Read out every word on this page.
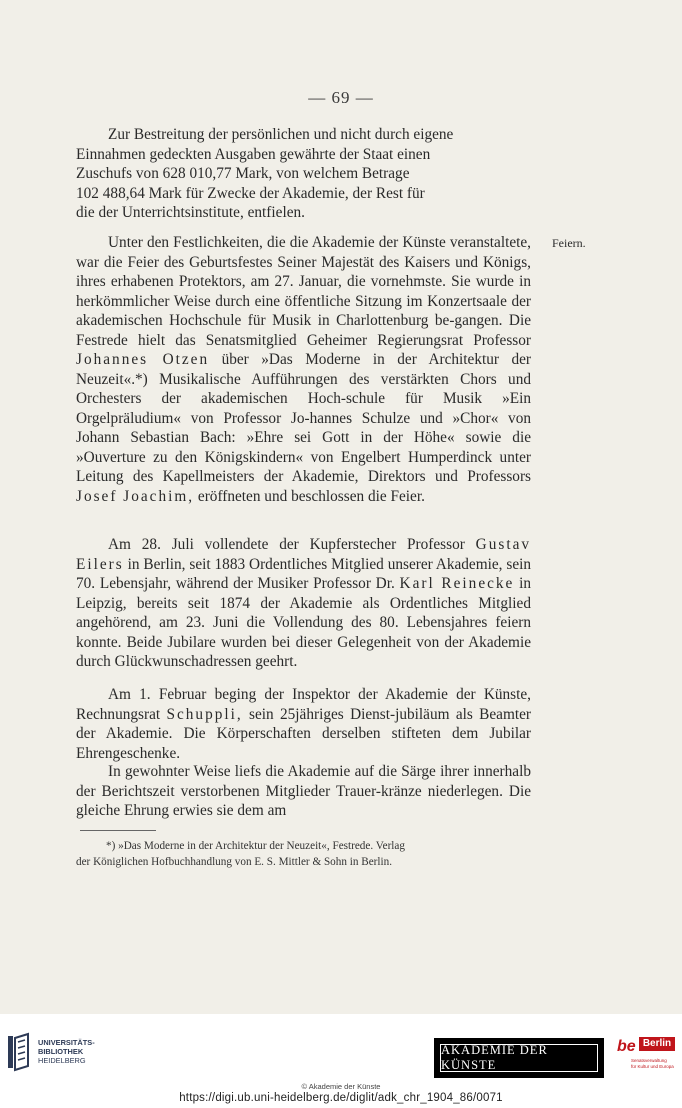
— 69 —
Feiern.

Zur Bestreitung der persönlichen und nicht durch eigene
Einnahmen gedeckten Ausgaben gewährte der Staat einen
Zuschufs von 628 010,77 Mark, von welchem Betrage
102 488,64 Mark für Zwecke der Akademie, der Rest für
die der Unterrichtsinstitute, entfielen.

Unter den Festlichkeiten, die die Akademie der Künste veranstaltete, war die Feier des Geburtsfestes Seiner Majestät des Kaisers und Königs, ihres erhabenen Protektors, am 27. Januar, die vornehmste. Sie wurde in herkömmlicher Weise durch eine öffentliche Sitzung im Konzertsaale der akademischen Hochschule für Musik in Charlottenburg be-gangen. Die Festrede hielt das Senatsmitglied Geheimer Regierungsrat Professor Johannes Otzen über »Das Moderne in der Architektur der Neuzeit«.*) Musikalische Aufführungen des verstärkten Chors und Orchesters der akademischen Hoch-schule für Musik »Ein Orgelpräludium« von Professor Jo-hannes Schulze und »Chor« von Johann Sebastian Bach: »Ehre sei Gott in der Höhe« sowie die »Ouverture zu den Königskindern« von Engelbert Humperdinck unter Leitung des Kapellmeisters der Akademie, Direktors und Professors Josef Joachim, eröffneten und beschlossen die Feier.

Am 28. Juli vollendete der Kupferstecher Professor Gustav Eilers in Berlin, seit 1883 Ordentliches Mitglied unserer Akademie, sein 70. Lebensjahr, während der Musiker Professor Dr. Karl Reinecke in Leipzig, bereits seit 1874 der Akademie als Ordentliches Mitglied angehörend, am 23. Juni die Vollendung des 80. Lebensjahres feiern konnte. Beide Jubilare wurden bei dieser Gelegenheit von der Akademie durch Glückwunschadressen geehrt.

Am 1. Februar beging der Inspektor der Akademie der Künste, Rechnungsrat Schuppli, sein 25jähriges Dienst-jubiläum als Beamter der Akademie. Die Körperschaften derselben stifteten dem Jubilar Ehrengeschenke.

In gewohnter Weise liefs die Akademie auf die Särge ihrer innerhalb der Berichtszeit verstorbenen Mitglieder Trauer-kränze niederlegen. Die gleiche Ehrung erwies sie dem am

*) »Das Moderne in der Architektur der Neuzeit«, Festrede. Verlag
der Königlichen Hofbuchhandlung von E. S. Mittler & Sohn in Berlin.
UNIVERSITÄTS-
BIBLIOTHEK
HEIDELBERG
AKADEMIE DER KÜNSTE
be Berlin
Senatsverwaltung
für Kultur und Europa
© Akademie der Künste
https://digi.ub.uni-heidelberg.de/diglit/adk_chr_1904_86/0071
